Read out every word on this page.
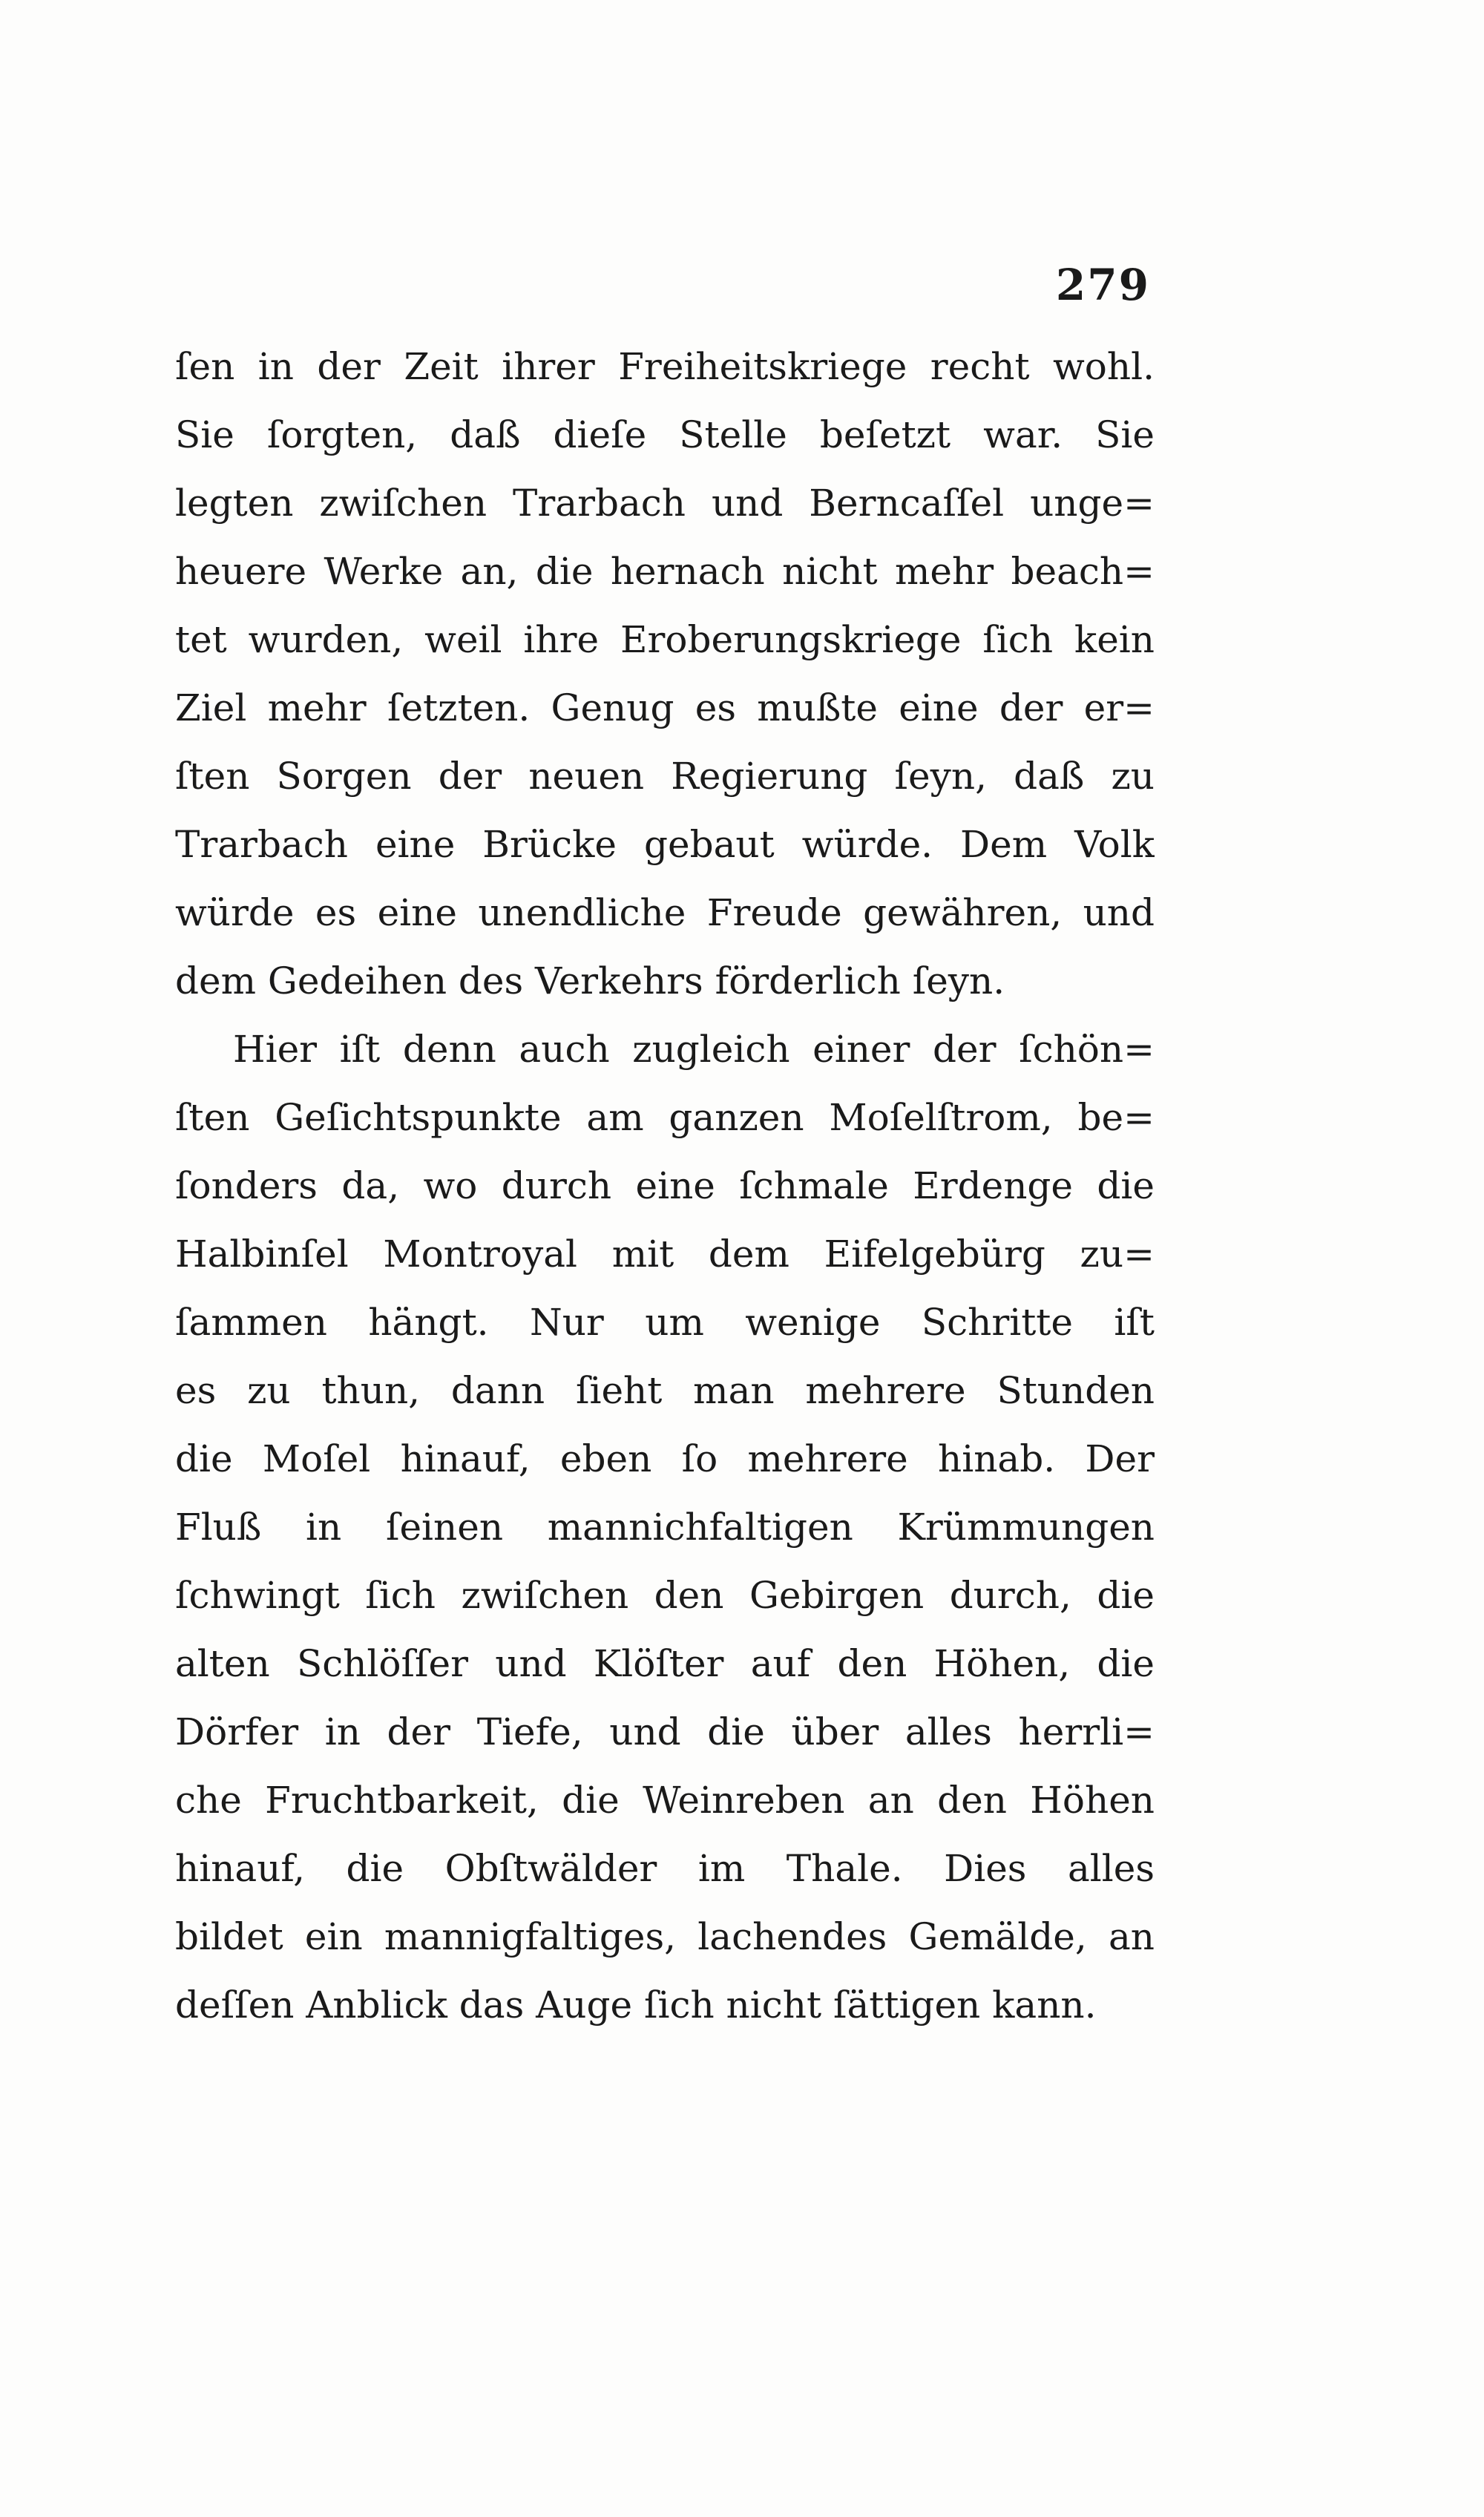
279
ſen in der Zeit ihrer Freiheitskriege recht wohl.
Sie ſorgten, daß dieſe Stelle beſetzt war. Sie
legten zwiſchen Trarbach und Berncaſſel unge=
heuere Werke an, die hernach nicht mehr beach=
tet wurden, weil ihre Eroberungskriege ſich kein
Ziel mehr ſetzten. Genug es mußte eine der er=
ſten Sorgen der neuen Regierung ſeyn, daß zu
Trarbach eine Brücke gebaut würde. Dem Volk
würde es eine unendliche Freude gewähren, und
dem Gedeihen des Verkehrs förderlich ſeyn.
Hier iſt denn auch zugleich einer der ſchön=
ſten Geſichtspunkte am ganzen Moſelſtrom, be=
ſonders da, wo durch eine ſchmale Erdenge die
Halbinſel Montroyal mit dem Eifelgebürg zu=
ſammen hängt. Nur um wenige Schritte iſt
es zu thun, dann ſieht man mehrere Stunden
die Moſel hinauf, eben ſo mehrere hinab. Der
Fluß in ſeinen mannichfaltigen Krümmungen
ſchwingt ſich zwiſchen den Gebirgen durch, die
alten Schlöſſer und Klöſter auf den Höhen, die
Dörfer in der Tiefe, und die über alles herrli=
che Fruchtbarkeit, die Weinreben an den Höhen
hinauf, die Obſtwälder im Thale. Dies alles
bildet ein mannigfaltiges, lachendes Gemälde, an
deſſen Anblick das Auge ſich nicht ſättigen kann.
